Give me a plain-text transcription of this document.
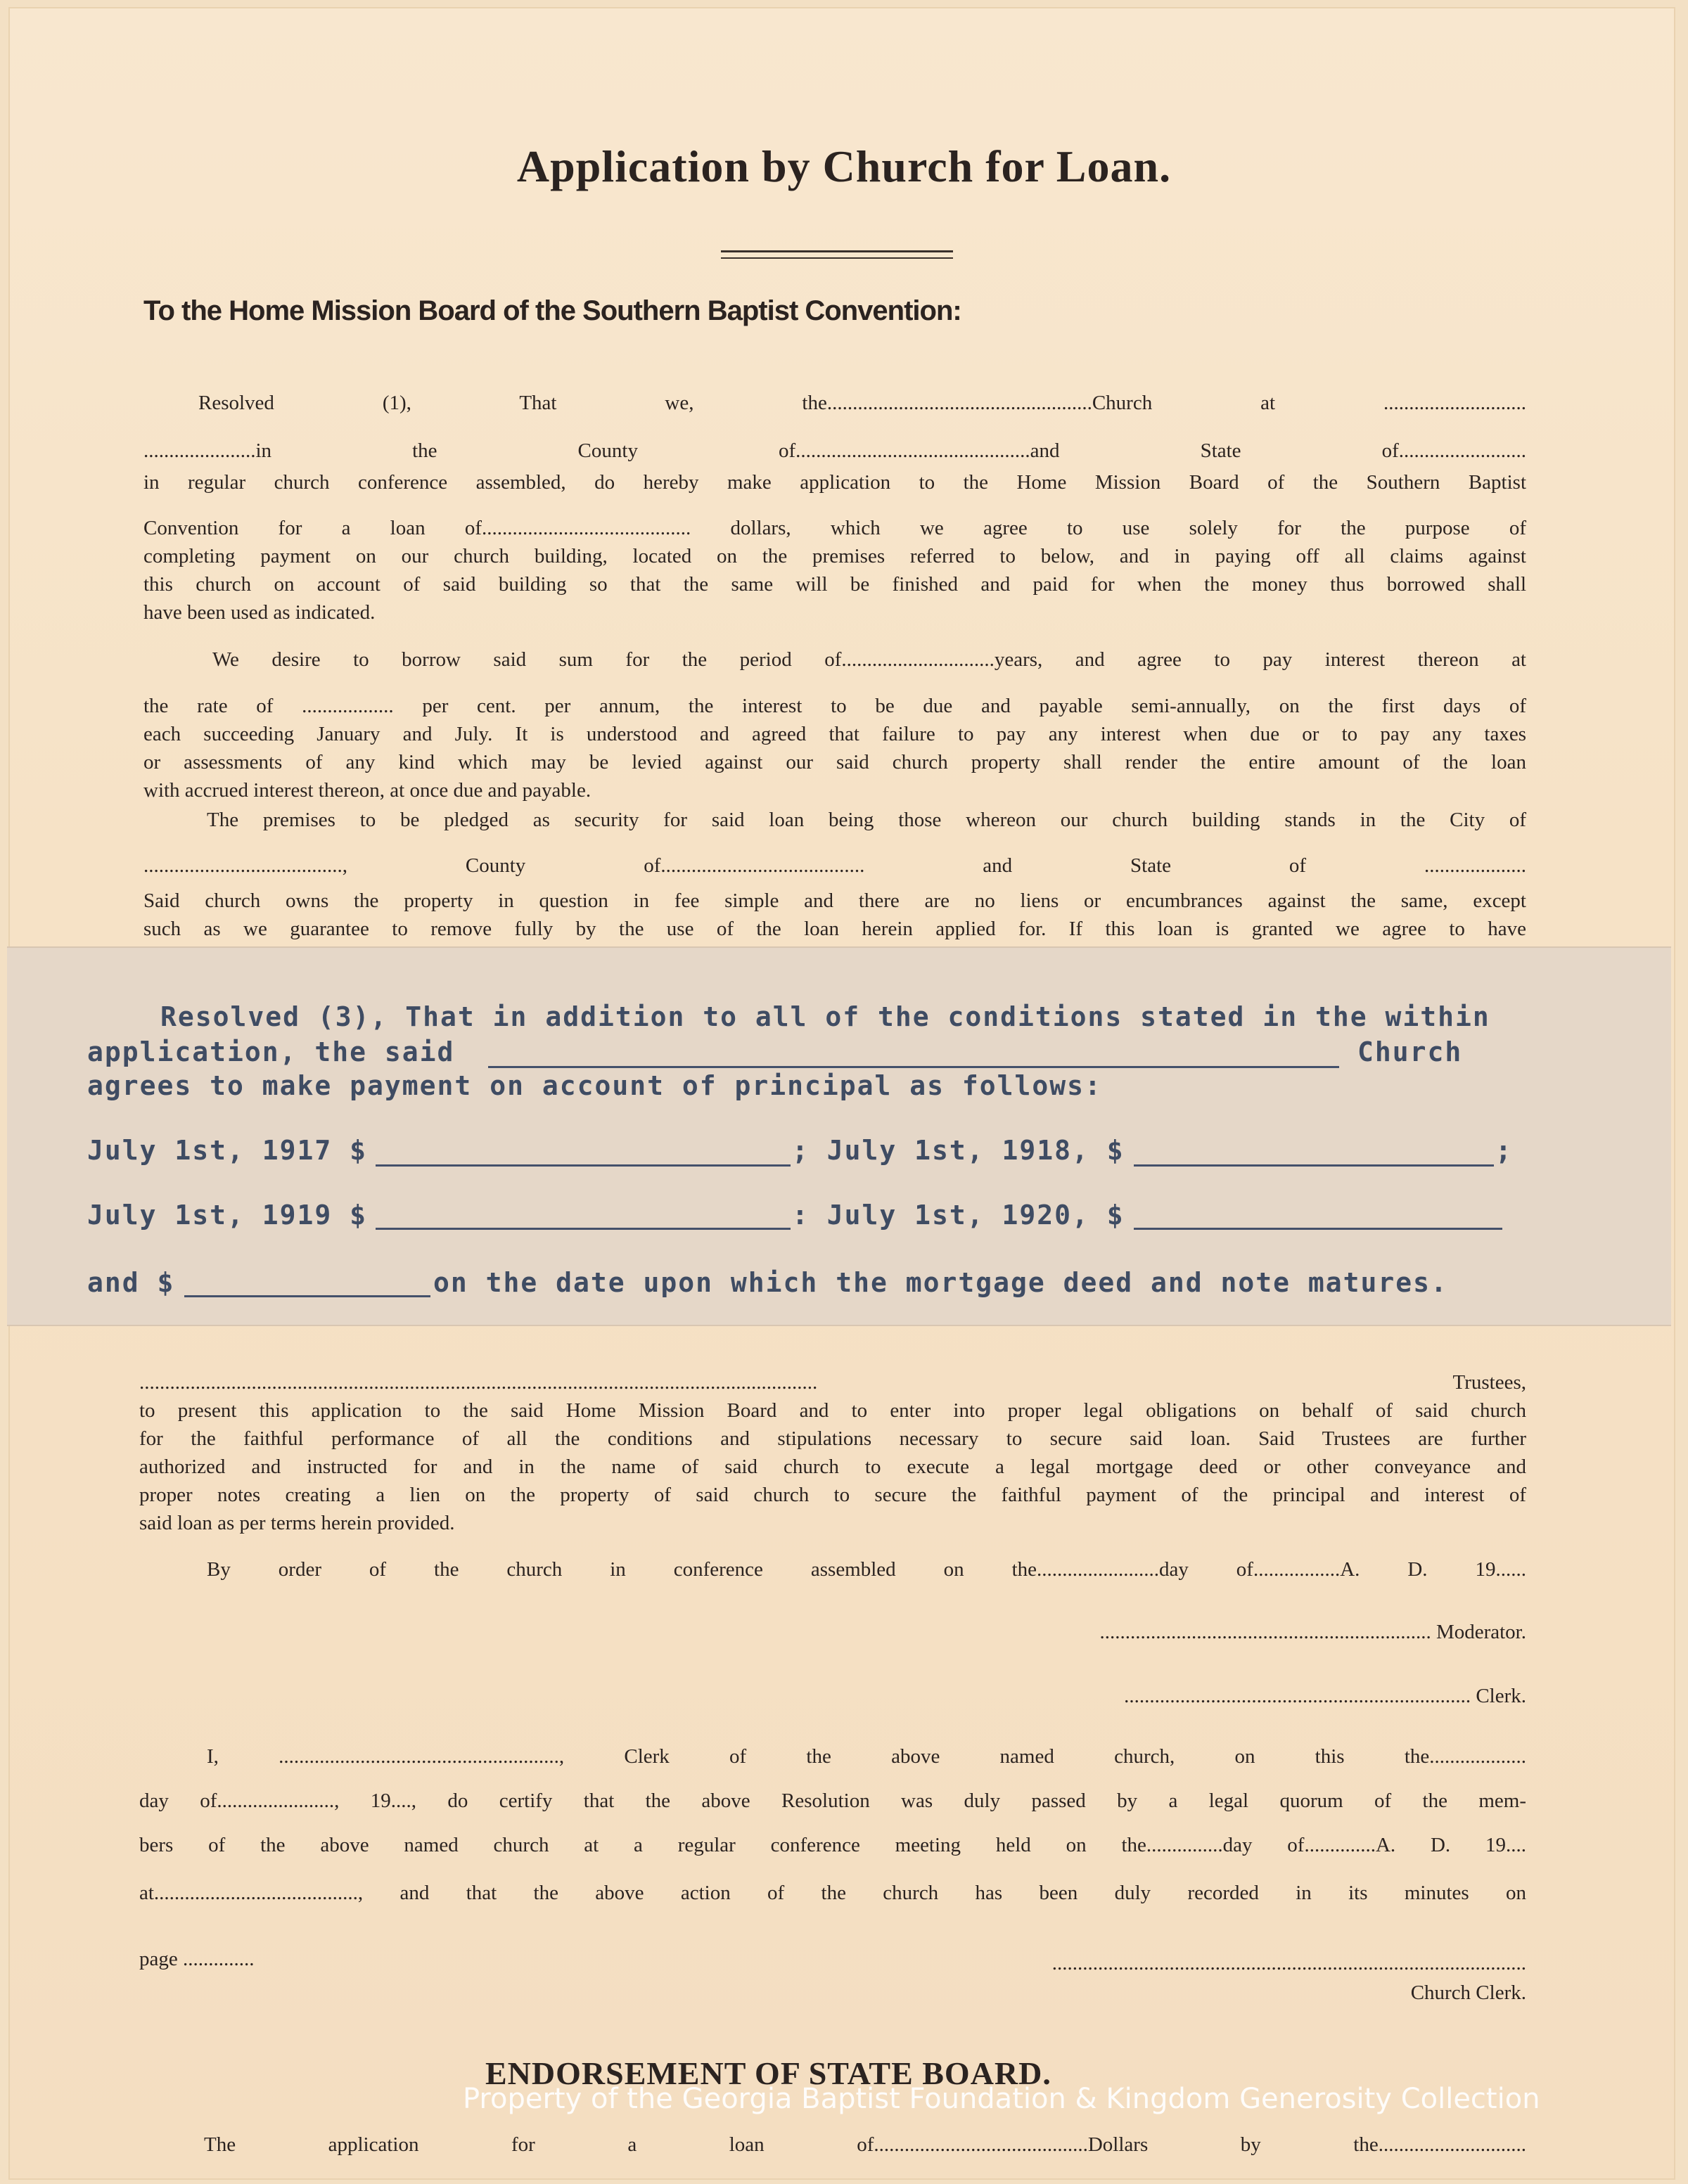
Application by Church for Loan.
To the Home Mission Board of the Southern Baptist Convention:
Resolved (1), That we, the....................................................Church at ............................
......................in the County of..............................................and State of.........................
in regular church conference assembled, do hereby make application to the Home Mission Board of the Southern Baptist
Convention for a loan of......................................... dollars, which we agree to use solely for the purpose of
completing payment on our church building, located on the premises referred to below, and in paying off all claims against
this church on account of said building so that the same will be finished and paid for when the money thus borrowed shall
have been used as indicated.
We desire to borrow said sum for the period of..............................years, and agree to pay interest thereon at
the rate of .................. per cent. per annum, the interest to be due and payable semi-annually, on the first days of
each succeeding January and July. It is understood and agreed that failure to pay any interest when due or to pay any taxes
or assessments of any kind which may be levied against our said church property shall render the entire amount of the loan
with accrued interest thereon, at once due and payable.
The premises to be pledged as security for said loan being those whereon our church building stands in the City of
......................................., County of........................................ and State of ....................
Said church owns the property in question in fee simple and there are no liens or encumbrances against the same, except
such as we guarantee to remove fully by the use of the loan herein applied for. If this loan is granted we agree to have
Resolved (3), That in addition to all of the conditions stated in the within
application, the said	Church
agrees to make payment on account of principal as follows:
July 1st, 1917 $	; July 1st, 1918, $	;
July 1st, 1919 $	: July 1st, 1920, $
and $	on the date upon which the mortgage deed and note matures.
..................................................................................................................................... Trustees,
to present this application to the said Home Mission Board and to enter into proper legal obligations on behalf of said church
for the faithful performance of all the conditions and stipulations necessary to secure said loan. Said Trustees are further
authorized and instructed for and in the name of said church to execute a legal mortgage deed or other conveyance and
proper notes creating a lien on the property of said church to secure the faithful payment of the principal and interest of
said loan as per terms herein provided.
By order of the church in conference assembled on the........................day of.................A. D. 19......
................................................................. Moderator.
.................................................................... Clerk.
I, ......................................................., Clerk of the above named church, on this the...................
day of......................., 19...., do certify that the above Resolution was duly passed by a legal quorum of the mem-
bers of the above named church at a regular conference meeting held on the...............day of..............A. D. 19....
at........................................, and that the above action of the church has been duly recorded in its minutes on
page ..............	.............................................................................................
Church Clerk.
ENDORSEMENT OF STATE BOARD.
Property of the Georgia Baptist Foundation & Kingdom Generosity Collection
The application for a loan of..........................................Dollars by the.............................
